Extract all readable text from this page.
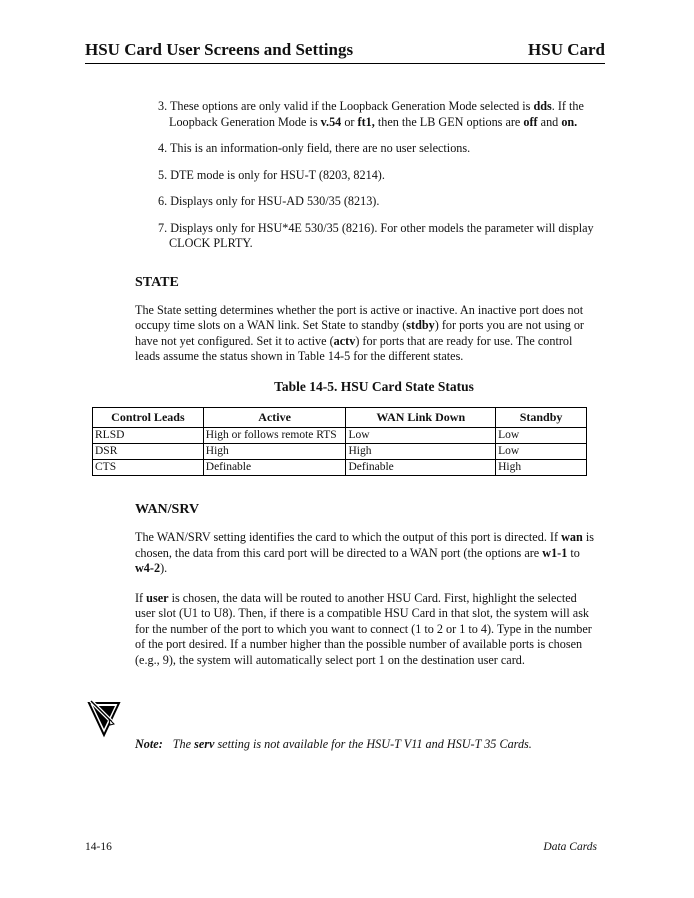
HSU Card User Screens and Settings	HSU Card
3. These options are only valid if the Loopback Generation Mode selected is dds. If the Loopback Generation Mode is v.54 or ft1, then the LB GEN options are off and on.
4. This is an information-only field, there are no user selections.
5. DTE mode is only for HSU-T (8203, 8214).
6. Displays only for HSU-AD 530/35 (8213).
7. Displays only for HSU*4E 530/35 (8216). For other models the parameter will display CLOCK PLRTY.
STATE

The State setting determines whether the port is active or inactive. An inactive port does not occupy time slots on a WAN link. Set State to standby (stdby) for ports you are not using or have not yet configured. Set it to active (actv) for ports that are ready for use. The control leads assume the status shown in Table 14-5 for the different states.

Table 14-5. HSU Card State Status
Control Leads	Active	WAN Link Down	Standby
RLSD	High or follows remote RTS	Low	Low
DSR	High	High	Low
CTS	Definable	Definable	High
WAN/SRV

The WAN/SRV setting identifies the card to which the output of this port is directed. If wan is chosen, the data from this card port will be directed to a WAN port (the options are w1-1 to w4-2).

If user is chosen, the data will be routed to another HSU Card. First, highlight the selected user slot (U1 to U8). Then, if there is a compatible HSU Card in that slot, the system will ask for the number of the port to which you want to connect (1 to 2 or 1 to 4). Type in the number of the port desired. If a number higher than the possible number of available ports is chosen (e.g., 9), the system will automatically select port 1 on the destination user card.

Note: The serv setting is not available for the HSU-T V11 and HSU-T 35 Cards.
14-16	Data Cards
